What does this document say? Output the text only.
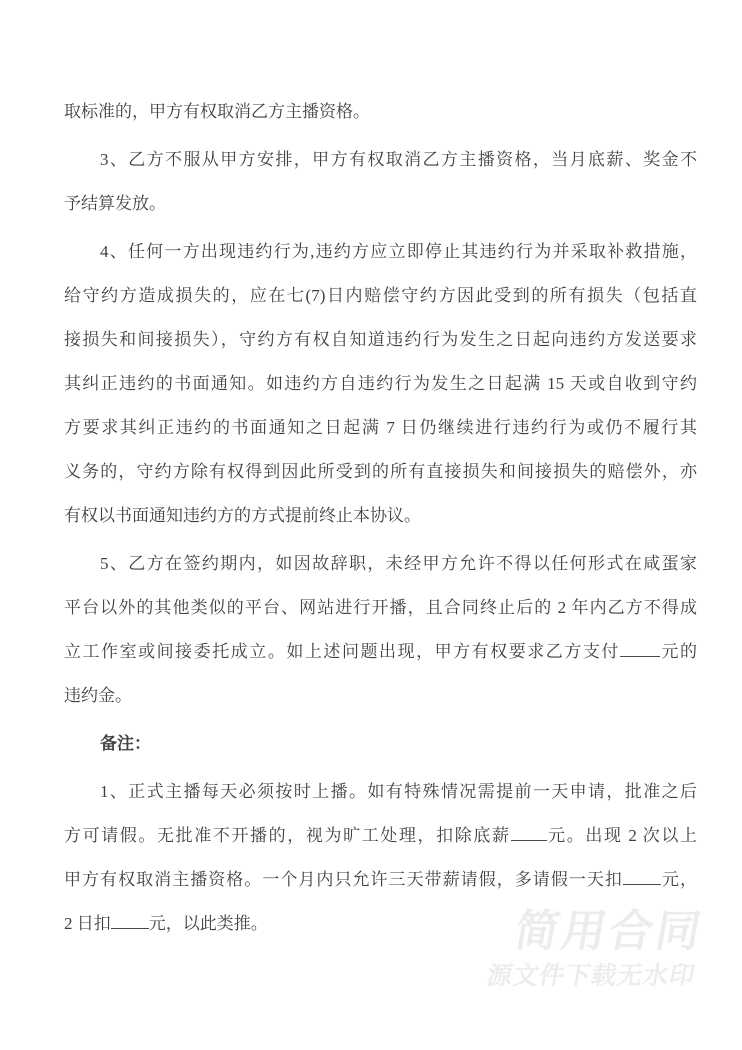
取标准的，甲方有权取消乙方主播资格。
3、乙方不服从甲方安排，甲方有权取消乙方主播资格，当月底薪、奖金不
予结算发放。
4、任何一方出现违约行为,违约方应立即停止其违约行为并采取补救措施，
给守约方造成损失的，应在七(7)日内赔偿守约方因此受到的所有损失（包括直
接损失和间接损失），守约方有权自知道违约行为发生之日起向违约方发送要求
其纠正违约的书面通知。如违约方自违约行为发生之日起满 15 天或自收到守约
方要求其纠正违约的书面通知之日起满 7 日仍继续进行违约行为或仍不履行其
义务的，守约方除有权得到因此所受到的所有直接损失和间接损失的赔偿外，亦
有权以书面通知违约方的方式提前终止本协议。
5、乙方在签约期内，如因故辞职，未经甲方允许不得以任何形式在咸蛋家
平台以外的其他类似的平台、网站进行开播，且合同终止后的 2 年内乙方不得成
立工作室或间接委托成立。如上述问题出现，甲方有权要求乙方支付 元的
违约金。
备注：
1、正式主播每天必须按时上播。如有特殊情况需提前一天申请，批准之后
方可请假。无批准不开播的，视为旷工处理，扣除底薪 元。出现 2 次以上
甲方有权取消主播资格。一个月内只允许三天带薪请假，多请假一天扣 元，
2 日扣 元，以此类推。	简用合同
源文件下载无水印
